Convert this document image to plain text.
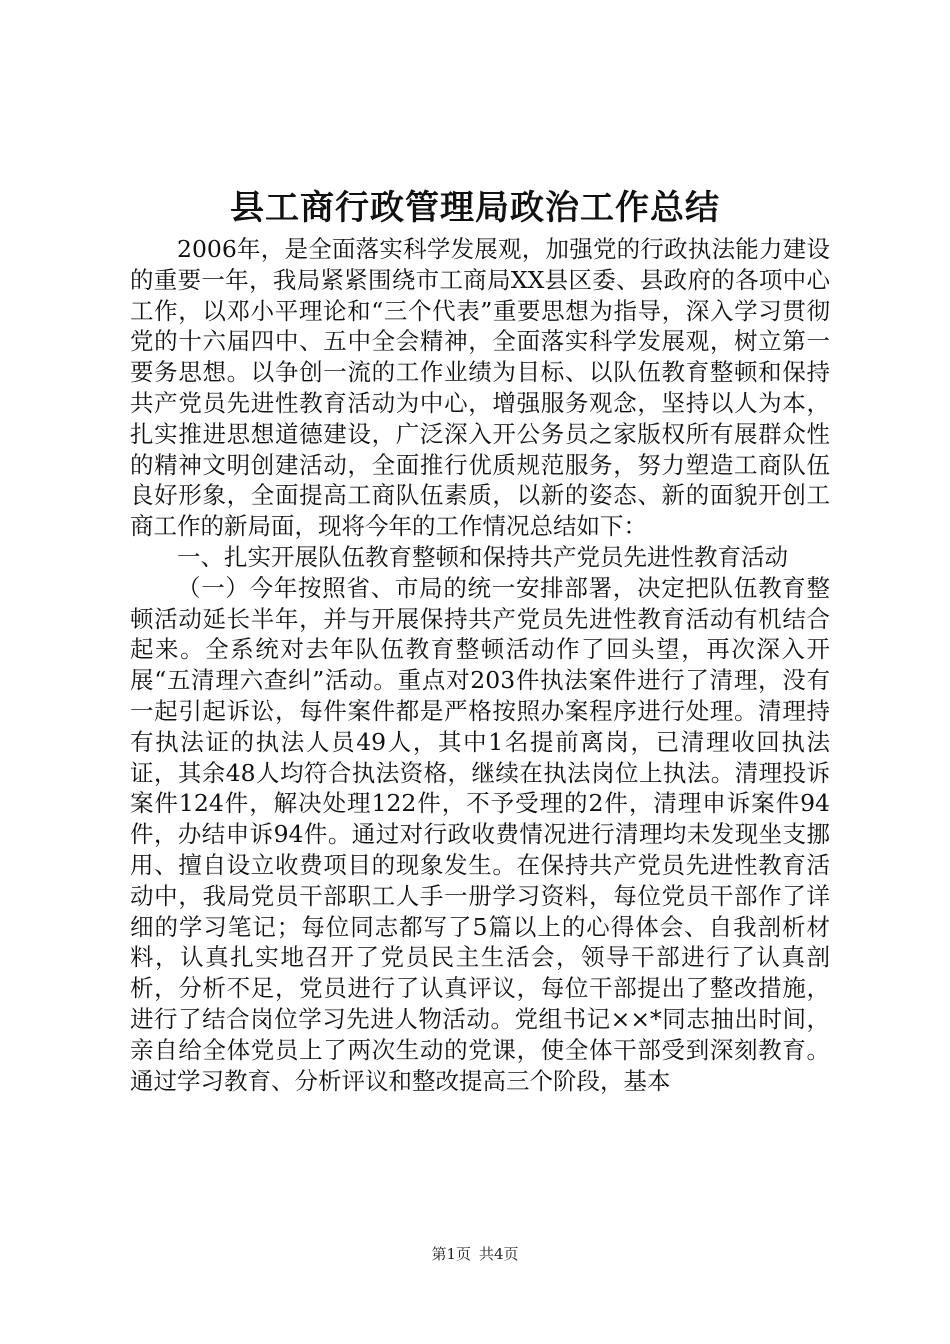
县工商行政管理局政治工作总结

2006年，是全面落实科学发展观，加强党的行政执法能力建设的重要一年，我局紧紧围绕市工商局XX县区委、县政府的各项中心工作，以邓小平理论和“三个代表”重要思想为指导，深入学习贯彻党的十六届四中、五中全会精神，全面落实科学发展观，树立第一要务思想。以争创一流的工作业绩为目标、以队伍教育整顿和保持共产党员先进性教育活动为中心，增强服务观念，坚持以人为本，扎实推进思想道德建设，广泛深入开公务员之家版权所有展群众性的精神文明创建活动，全面推行优质规范服务，努力塑造工商队伍良好形象，全面提高工商队伍素质，以新的姿态、新的面貌开创工商工作的新局面，现将今年的工作情况总结如下：

一、扎实开展队伍教育整顿和保持共产党员先进性教育活动

（一）今年按照省、市局的统一安排部署，决定把队伍教育整顿活动延长半年，并与开展保持共产党员先进性教育活动有机结合起来。全系统对去年队伍教育整顿活动作了回头望，再次深入开展“五清理六查纠”活动。重点对203件执法案件进行了清理，没有一起引起诉讼，每件案件都是严格按照办案程序进行处理。清理持有执法证的执法人员49人，其中1名提前离岗，已清理收回执法证，其余48人均符合执法资格，继续在执法岗位上执法。清理投诉案件124件，解决处理122件，不予受理的2件，清理申诉案件94件，办结申诉94件。通过对行政收费情况进行清理均未发现坐支挪用、擅自设立收费项目的现象发生。在保持共产党员先进性教育活动中，我局党员干部职工人手一册学习资料，每位党员干部作了详细的学习笔记；每位同志都写了5篇以上的心得体会、自我剖析材料，认真扎实地召开了党员民主生活会，领导干部进行了认真剖析，分析不足，党员进行了认真评议，每位干部提出了整改措施，进行了结合岗位学习先进人物活动。党组书记××*同志抽出时间，亲自给全体党员上了两次生动的党课，使全体干部受到深刻教育。通过学习教育、分析评议和整改提高三个阶段，基本

第1页 共4页
